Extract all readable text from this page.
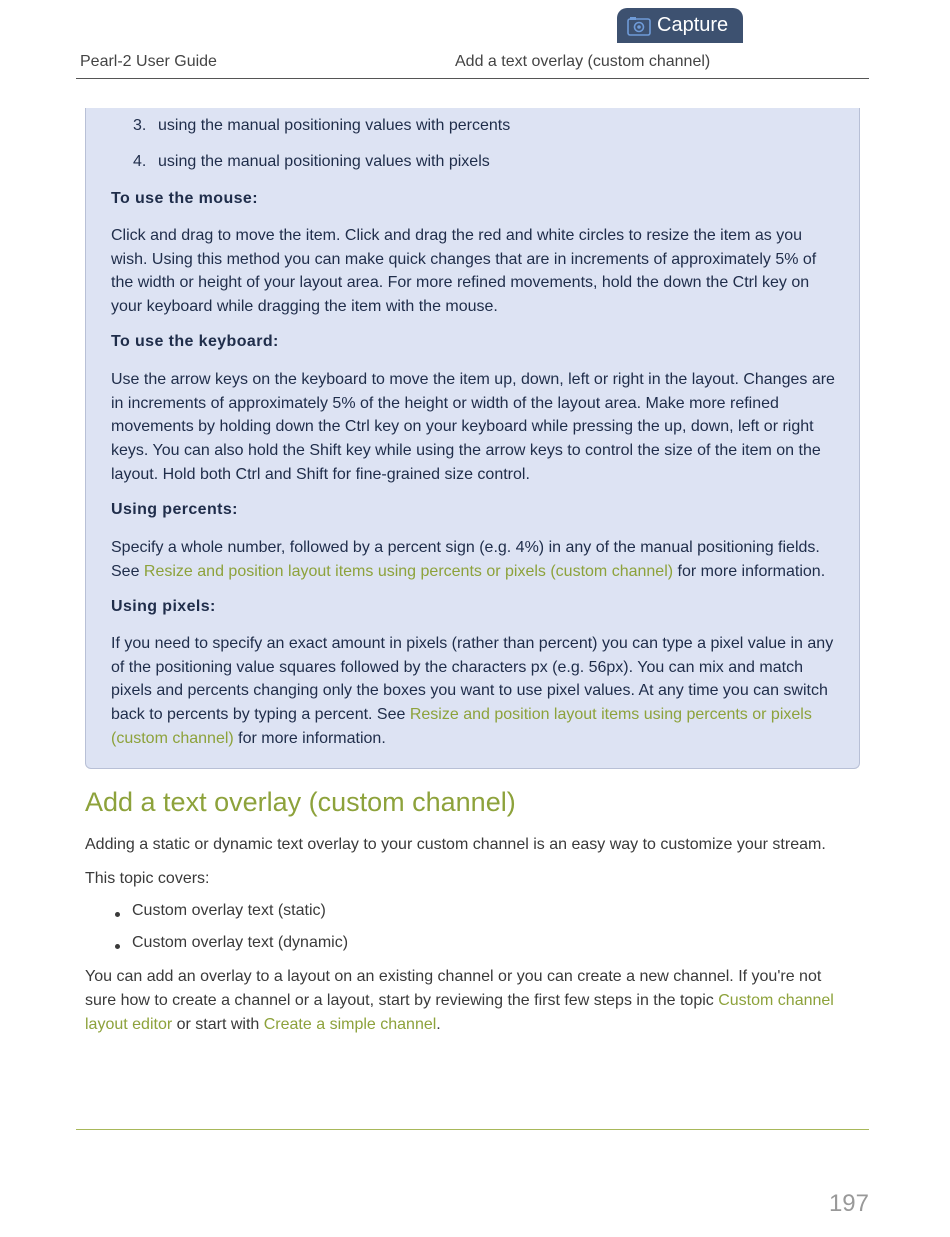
Capture
Pearl-2 User Guide	Add a text overlay (custom channel)
3. using the manual positioning values with percents
4. using the manual positioning values with pixels
To use the mouse:
Click and drag to move the item. Click and drag the red and white circles to resize the item as you wish. Using this method you can make quick changes that are in increments of approximately 5% of the width or height of your layout area. For more refined movements, hold the down the Ctrl key on your keyboard while dragging the item with the mouse.
To use the keyboard:
Use the arrow keys on the keyboard to move the item up, down, left or right in the layout. Changes are in increments of approximately 5% of the height or width of the layout area. Make more refined movements by holding down the Ctrl key on your keyboard while pressing the up, down, left or right keys. You can also hold the Shift key while using the arrow keys to control the size of the item on the layout. Hold both Ctrl and Shift for fine-grained size control.
Using percents:
Specify a whole number, followed by a percent sign (e.g. 4%) in any of the manual positioning fields. See Resize and position layout items using percents or pixels (custom channel) for more information.
Using pixels:
If you need to specify an exact amount in pixels (rather than percent) you can type a pixel value in any of the positioning value squares followed by the characters px (e.g. 56px). You can mix and match pixels and percents changing only the boxes you want to use pixel values. At any time you can switch back to percents by typing a percent. See Resize and position layout items using percents or pixels (custom channel) for more information.
Add a text overlay (custom channel)
Adding a static or dynamic text overlay to your custom channel is an easy way to customize your stream.
This topic covers:
Custom overlay text (static)
Custom overlay text (dynamic)
You can add an overlay to a layout on an existing channel or you can create a new channel. If you're not sure how to create a channel or a layout, start by reviewing the first few steps in the topic Custom channel layout editor or start with Create a simple channel.
197
